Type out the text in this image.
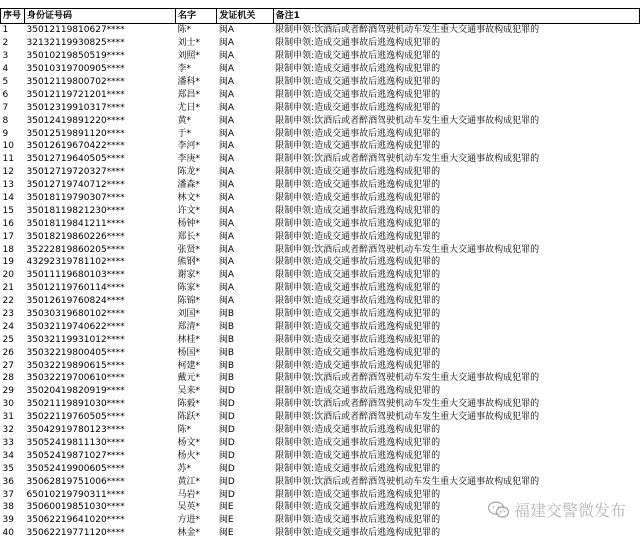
序号	身份证号码	名字	发证机关	备注1
1	35012119810627****	陈*	闽A	限制申领:饮酒后或者醉酒驾驶机动车发生重大交通事故构成犯罪的
2	32132119930825****	刘士*	闽A	限制申领:造成交通事故后逃逸构成犯罪的
3	35010219850519****	刘照*	闽A	限制申领:造成交通事故后逃逸构成犯罪的
4	35010319700905****	李*	闽A	限制申领:造成交通事故后逃逸构成犯罪的
5	35012119800702****	潘科*	闽A	限制申领:造成交通事故后逃逸构成犯罪的
6	35012119721201****	郑昌*	闽A	限制申领:造成交通事故后逃逸构成犯罪的
7	35012319910317****	尤日*	闽A	限制申领:造成交通事故后逃逸构成犯罪的
8	35012419891220****	黄*	闽A	限制申领:饮酒后或者醉酒驾驶机动车发生重大交通事故构成犯罪的
9	35012519891120****	于*	闽A	限制申领:造成交通事故后逃逸构成犯罪的
10	35012619670422****	李河*	闽A	限制申领:造成交通事故后逃逸构成犯罪的
11	35012719640505****	李庚*	闽A	限制申领:饮酒后或者醉酒驾驶机动车发生重大交通事故构成犯罪的
12	35012719720327****	陈龙*	闽A	限制申领:造成交通事故后逃逸构成犯罪的
13	35012719740712****	潘森*	闽A	限制申领:造成交通事故后逃逸构成犯罪的
14	35018119790307****	林文*	闽A	限制申领:造成交通事故后逃逸构成犯罪的
15	35018119821230****	许文*	闽A	限制申领:造成交通事故后逃逸构成犯罪的
16	35018119841211****	杨钟*	闽A	限制申领:造成交通事故后逃逸构成犯罪的
17	35018219860226****	郑长*	闽A	限制申领:造成交通事故后逃逸构成犯罪的
18	35222819860205****	张贤*	闽A	限制申领:饮酒后或者醉酒驾驶机动车发生重大交通事故构成犯罪的
19	43292319781102****	熊钢*	闽A	限制申领:造成交通事故后逃逸构成犯罪的
20	35011119680103****	谢家*	闽A	限制申领:造成交通事故后逃逸构成犯罪的
21	35012119760114****	陈家*	闽A	限制申领:造成交通事故后逃逸构成犯罪的
22	35012619760824****	陈锦*	闽A	限制申领:造成交通事故后逃逸构成犯罪的
23	35030319680102****	刘国*	闽B	限制申领:造成交通事故后逃逸构成犯罪的
24	35032119740622****	郑清*	闽B	限制申领:造成交通事故后逃逸构成犯罪的
25	35032119931012****	林桂*	闽B	限制申领:造成交通事故后逃逸构成犯罪的
26	35032219800405****	杨国*	闽B	限制申领:造成交通事故后逃逸构成犯罪的
27	35032219890615****	柯建*	闽B	限制申领:造成交通事故后逃逸构成犯罪的
28	35032219700610****	戴元*	闽B	限制申领:饮酒后或者醉酒驾驶机动车发生重大交通事故构成犯罪的
29	35020419820919****	吴来*	闽D	限制申领:造成交通事故后逃逸构成犯罪的
30	35021119891030****	陈毅*	闽D	限制申领:饮酒后或者醉酒驾驶机动车发生重大交通事故构成犯罪的
31	35022119760505****	陈跃*	闽D	限制申领:饮酒后或者醉酒驾驶机动车发生重大交通事故构成犯罪的
32	35042919780123****	陈*	闽D	限制申领:造成交通事故后逃逸构成犯罪的
33	35052419811130****	杨文*	闽D	限制申领:造成交通事故后逃逸构成犯罪的
34	35052419871027****	杨火*	闽D	限制申领:造成交通事故后逃逸构成犯罪的
35	35052419900605****	苏*	闽D	限制申领:造成交通事故后逃逸构成犯罪的
36	35062819751006****	黄江*	闽D	限制申领:饮酒后或者醉酒驾驶机动车发生重大交通事故构成犯罪的
37	65010219790311****	马岩*	闽D	限制申领:造成交通事故后逃逸构成犯罪的
38	35060019851030****	吴英*	闽E	限制申领:造成交通事故后逃逸构成犯罪的
39	35062219641020****	方进*	闽E	限制申领:造成交通事故后逃逸构成犯罪的
40	35062219771120****	林金*	闽E	限制申领:造成交通事故后逃逸构成犯罪的
福建交警微发布
